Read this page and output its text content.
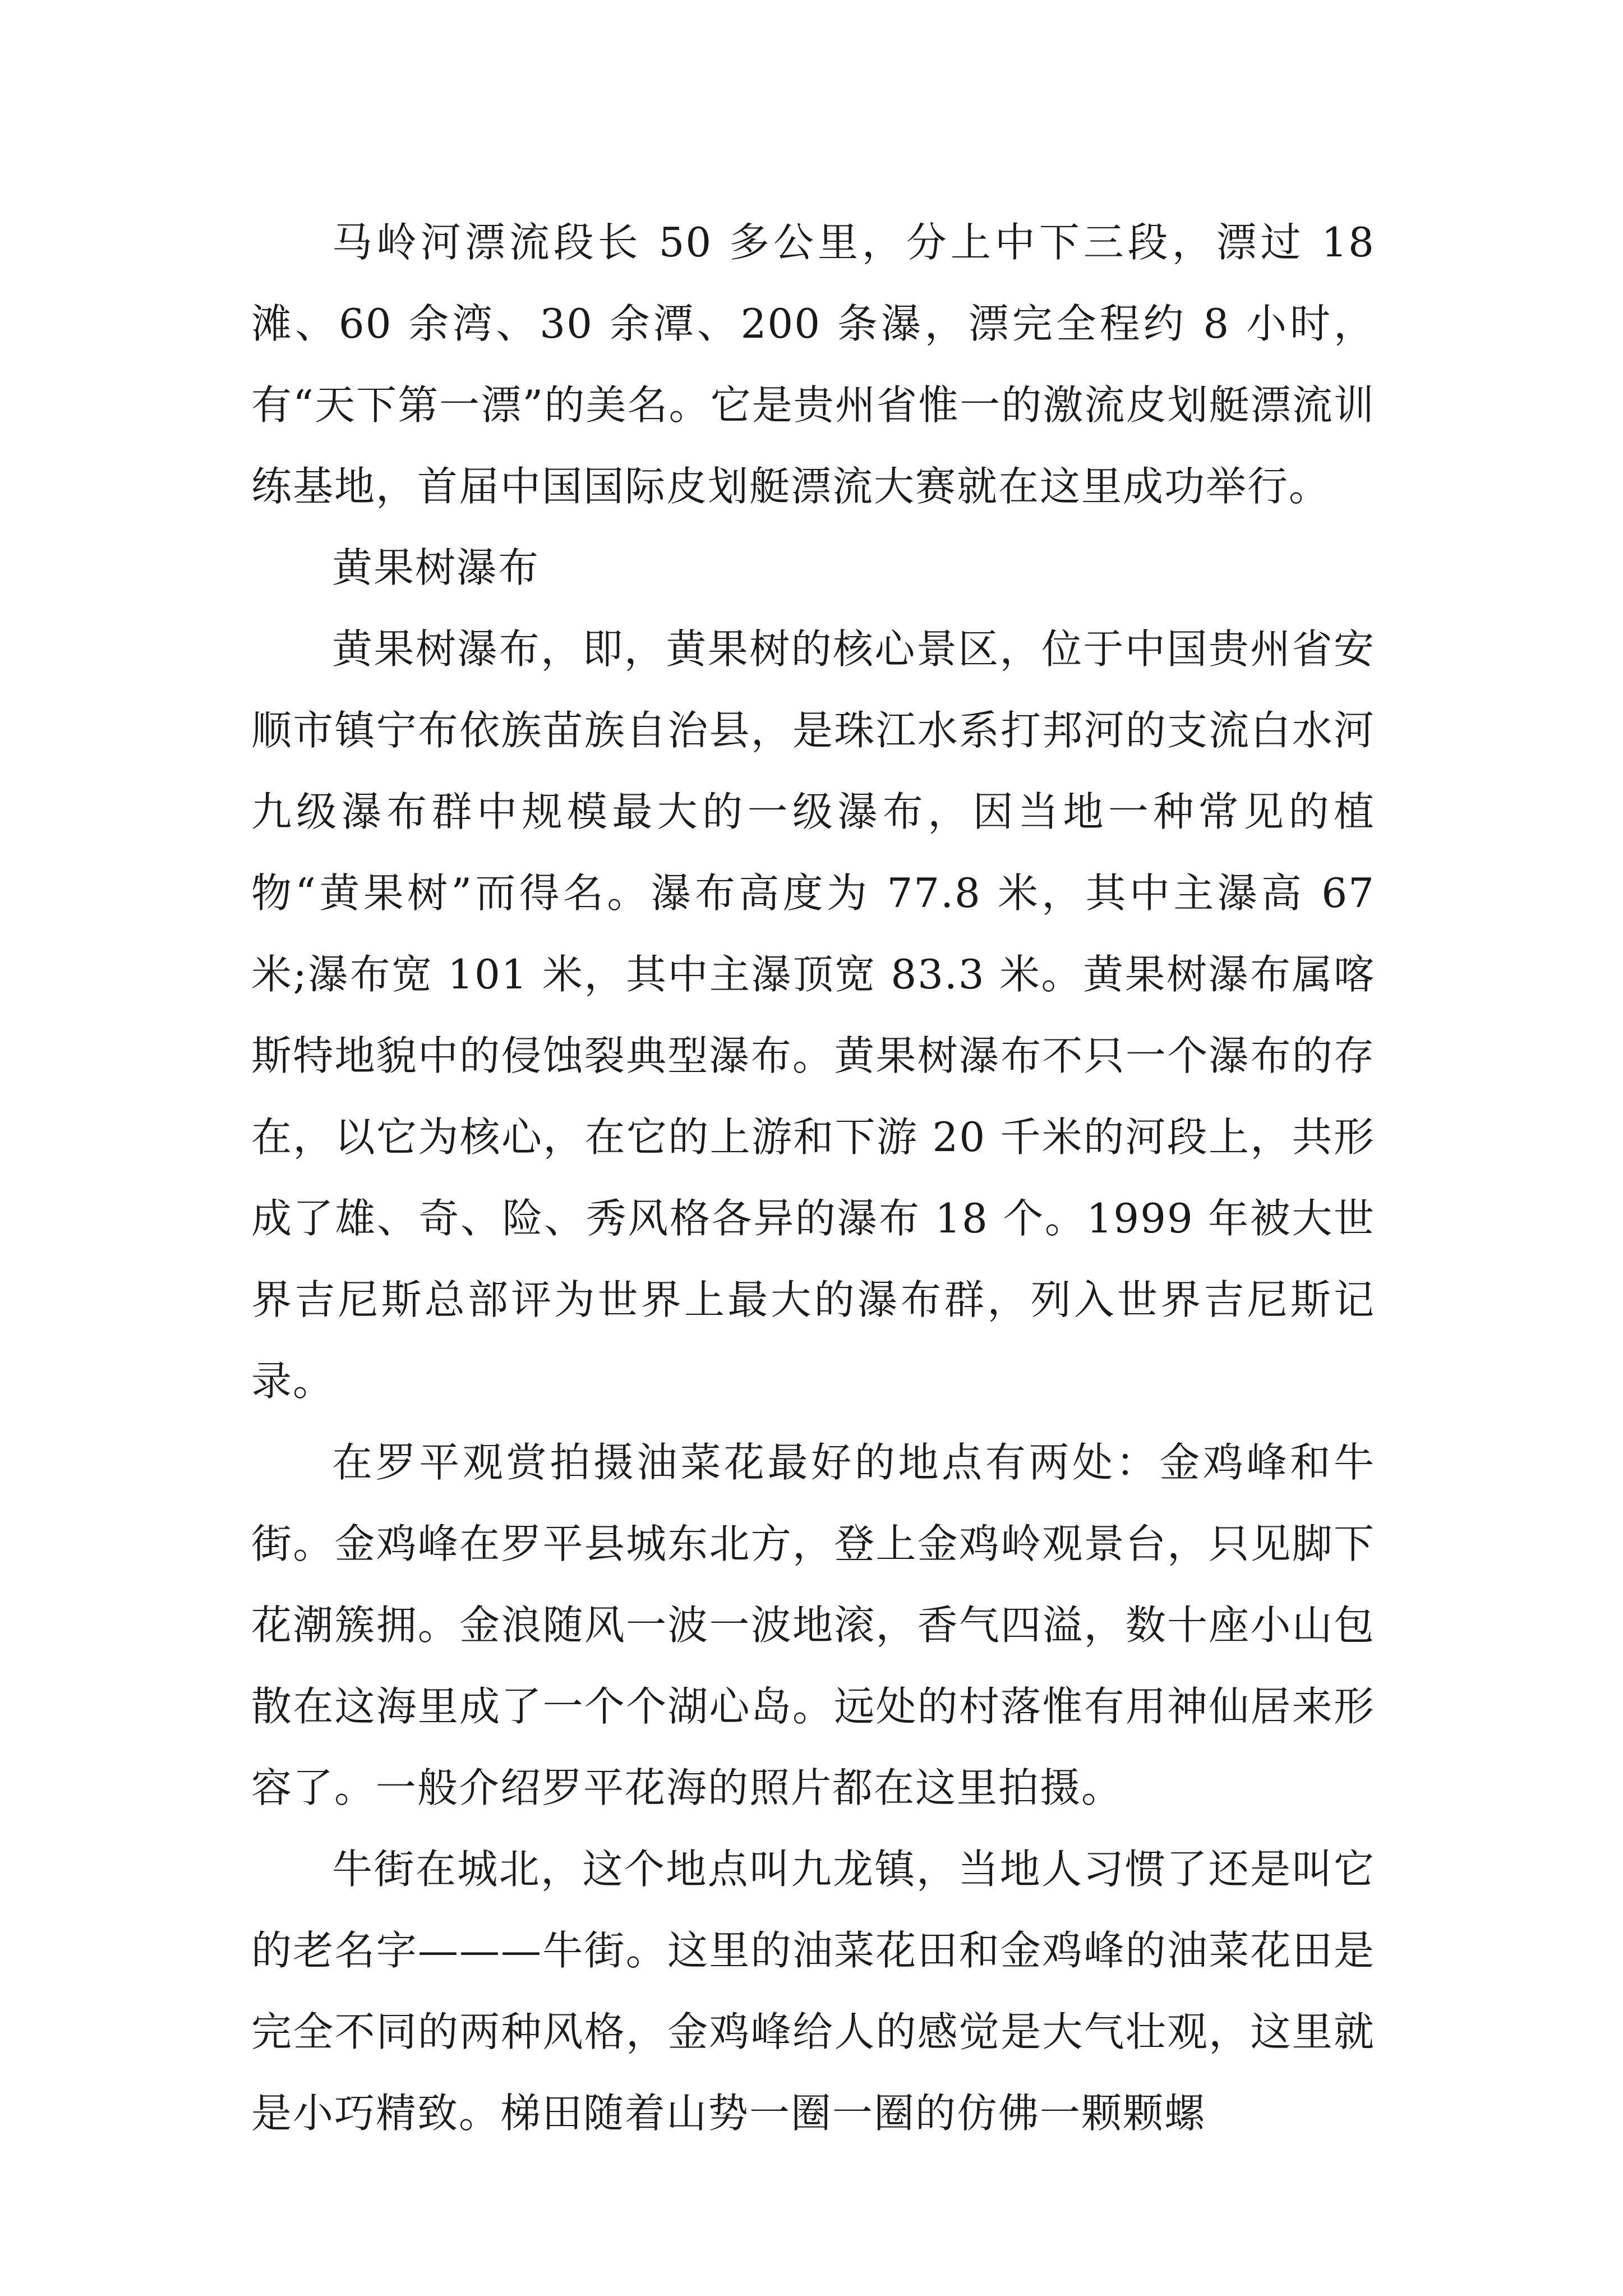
马岭河漂流段长 50 多公里，分上中下三段，漂过 18 滩、60 余湾、30 余潭、200 条瀑，漂完全程约 8 小时，有“天下第一漂”的美名。它是贵州省惟一的激流皮划艇漂流训练基地，首届中国国际皮划艇漂流大赛就在这里成功举行。

黄果树瀑布

黄果树瀑布，即，黄果树的核心景区，位于中国贵州省安顺市镇宁布依族苗族自治县，是珠江水系打邦河的支流白水河九级瀑布群中规模最大的一级瀑布，因当地一种常见的植物“黄果树”而得名。瀑布高度为 77.8 米，其中主瀑高 67 米;瀑布宽 101 米，其中主瀑顶宽 83.3 米。黄果树瀑布属喀斯特地貌中的侵蚀裂典型瀑布。黄果树瀑布不只一个瀑布的存在，以它为核心，在它的上游和下游 20 千米的河段上，共形成了雄、奇、险、秀风格各异的瀑布 18 个。1999 年被大世界吉尼斯总部评为世界上最大的瀑布群，列入世界吉尼斯记录。

在罗平观赏拍摄油菜花最好的地点有两处：金鸡峰和牛街。金鸡峰在罗平县城东北方，登上金鸡岭观景台，只见脚下花潮簇拥。金浪随风一波一波地滚，香气四溢，数十座小山包散在这海里成了一个个湖心岛。远处的村落惟有用神仙居来形容了。一般介绍罗平花海的照片都在这里拍摄。

牛街在城北，这个地点叫九龙镇，当地人习惯了还是叫它的老名字———牛街。这里的油菜花田和金鸡峰的油菜花田是完全不同的两种风格，金鸡峰给人的感觉是大气壮观，这里就是小巧精致。梯田随着山势一圈一圈的仿佛一颗颗螺
